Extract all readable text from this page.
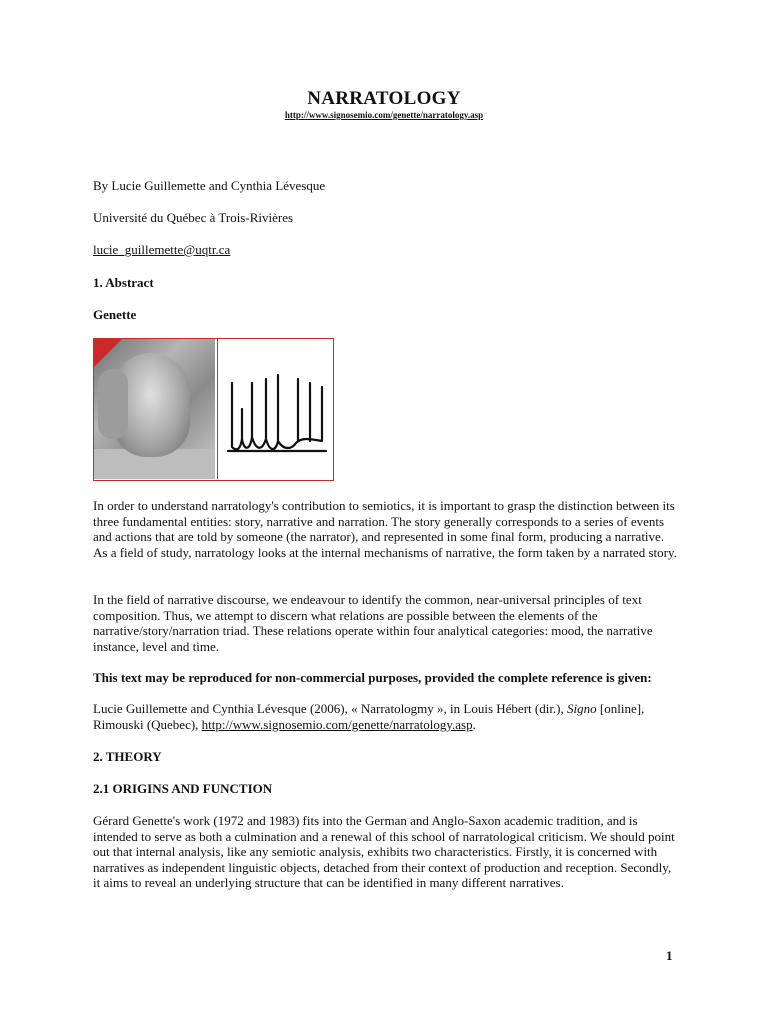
NARRATOLOGY
http://www.signosemio.com/genette/narratology.asp
By Lucie Guillemette and Cynthia Lévesque
Université du Québec à Trois-Rivières
lucie_guillemette@uqtr.ca
1. Abstract
Genette
In order to understand narratology's contribution to semiotics, it is important to grasp the distinction between its three fundamental entities: story, narrative and narration. The story generally corresponds to a series of events and actions that are told by someone (the narrator), and represented in some final form, producing a narrative. As a field of study, narratology looks at the internal mechanisms of narrative, the form taken by a narrated story.
In the field of narrative discourse, we endeavour to identify the common, near-universal principles of text composition. Thus, we attempt to discern what relations are possible between the elements of the narrative/story/narration triad. These relations operate within four analytical categories: mood, the narrative instance, level and time.
This text may be reproduced for non-commercial purposes, provided the complete reference is given:
Lucie Guillemette and Cynthia Lévesque (2006), « Narratologmy », in Louis Hébert (dir.), Signo [online], Rimouski (Quebec), http://www.signosemio.com/genette/narratology.asp.
2. THEORY
2.1 ORIGINS AND FUNCTION
Gérard Genette's work (1972 and 1983) fits into the German and Anglo-Saxon academic tradition, and is intended to serve as both a culmination and a renewal of this school of narratological criticism. We should point out that internal analysis, like any semiotic analysis, exhibits two characteristics. Firstly, it is concerned with narratives as independent linguistic objects, detached from their context of production and reception. Secondly, it aims to reveal an underlying structure that can be identified in many different narratives.
1
